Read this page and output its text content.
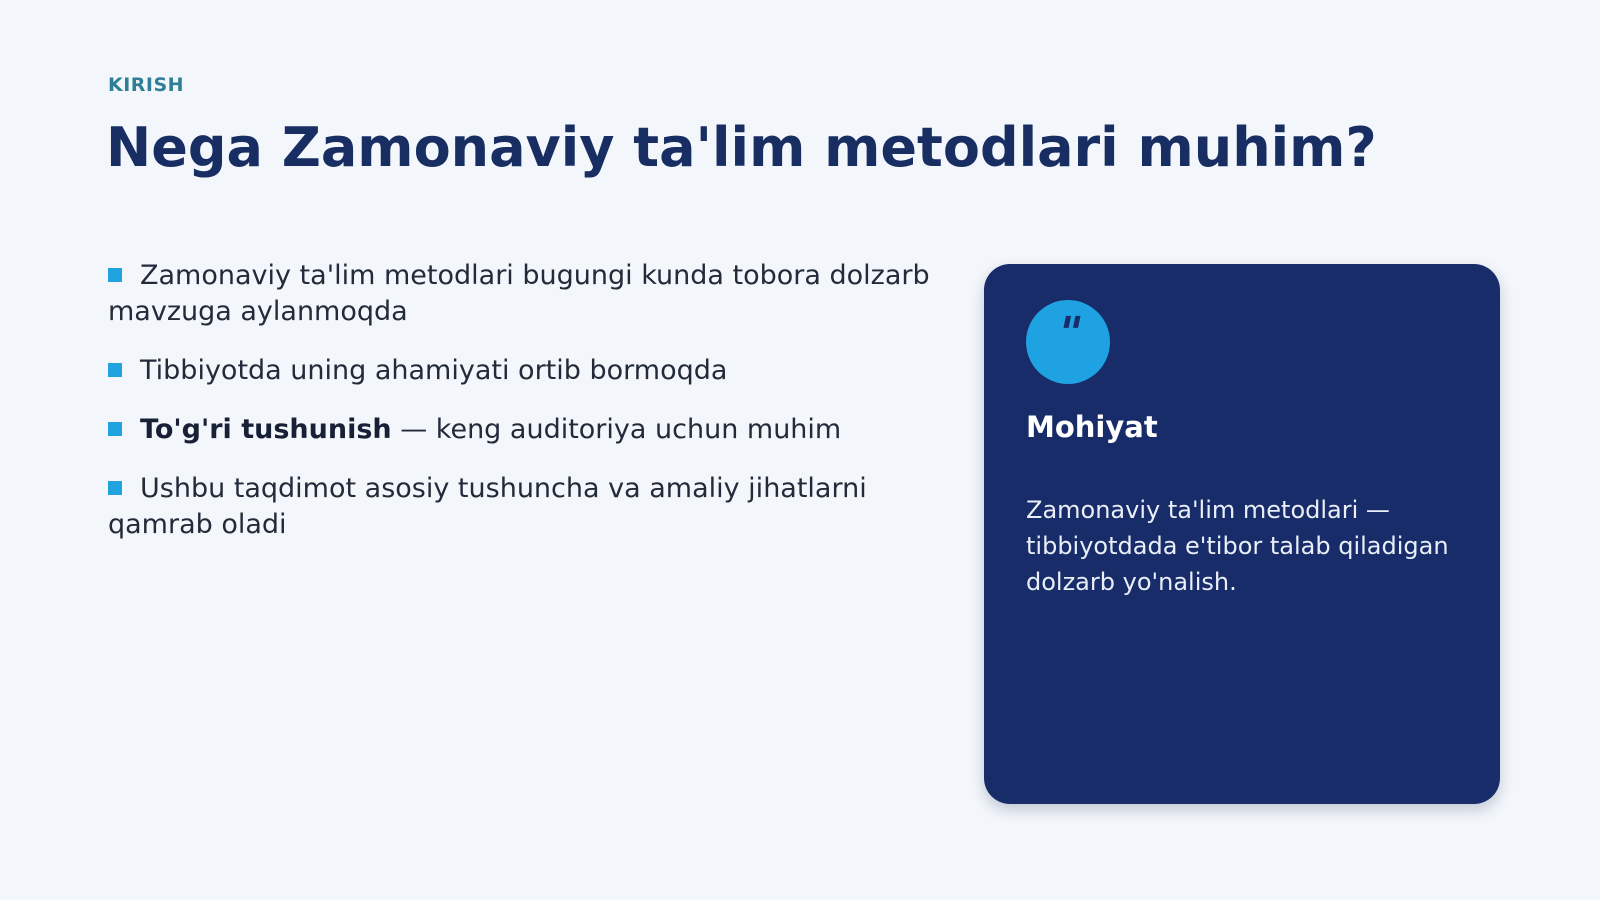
KIRISH
Nega Zamonaviy ta'lim metodlari muhim?
Zamonaviy ta'lim metodlari bugungi kunda tobora dolzarb mavzuga aylanmoqda
Tibbiyotda uning ahamiyati ortib bormoqda
To'g'ri tushunish — keng auditoriya uchun muhim
Ushbu taqdimot asosiy tushuncha va amaliy jihatlarni qamrab oladi
"
Mohiyat
Zamonaviy ta'lim metodlari — tibbiyotdada e'tibor talab qiladigan dolzarb yo'nalish.
